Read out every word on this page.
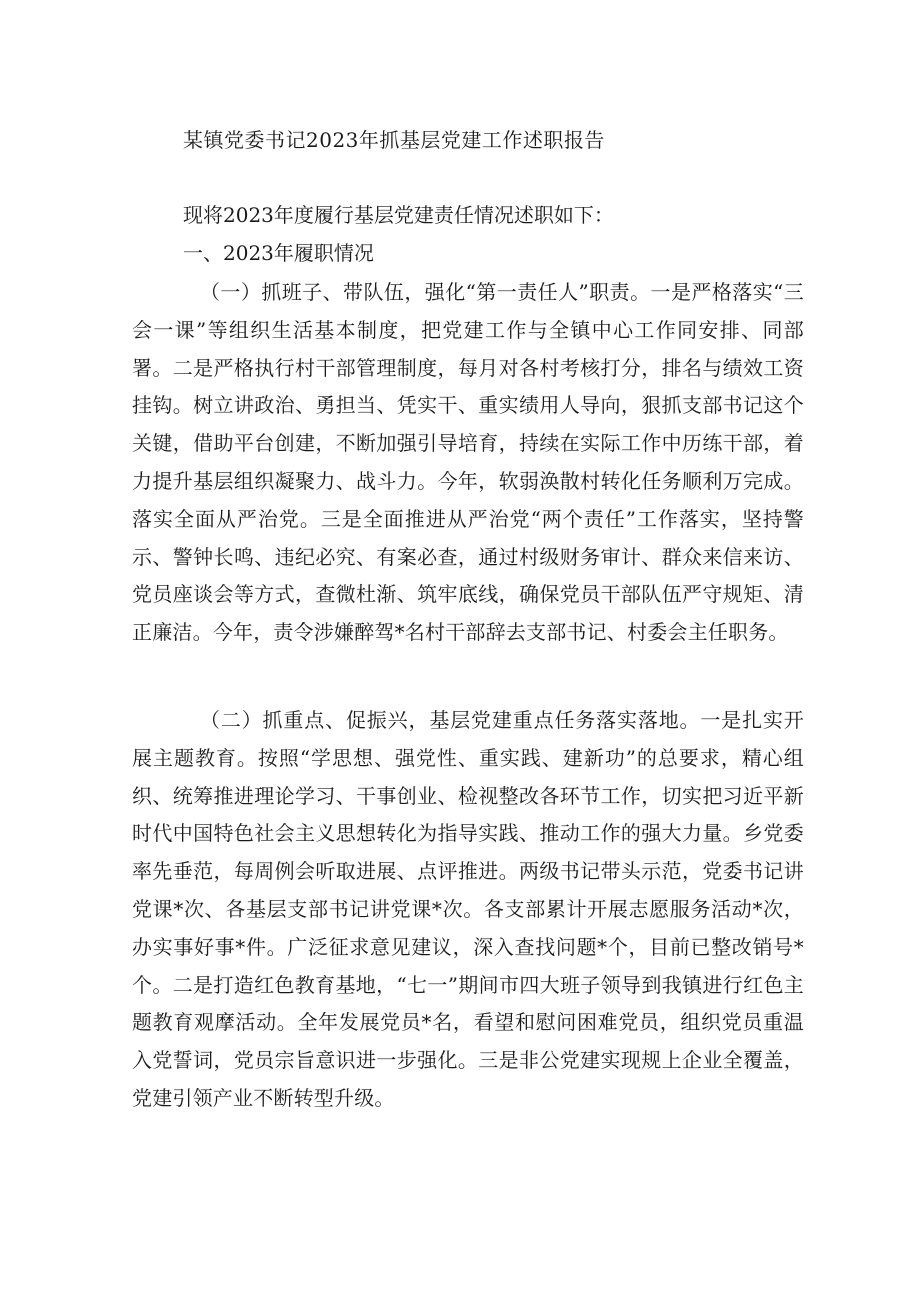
某镇党委书记2023年抓基层党建工作述职报告
现将2023年度履行基层党建责任情况述职如下：
一、2023年履职情况

（一）抓班子、带队伍，强化“第一责任人”职责。一是严格落实“三会一课”等组织生活基本制度，把党建工作与全镇中心工作同安排、同部署。二是严格执行村干部管理制度，每月对各村考核打分，排名与绩效工资挂钩。树立讲政治、勇担当、凭实干、重实绩用人导向，狠抓支部书记这个关键，借助平台创建，不断加强引导培育，持续在实际工作中历练干部，着力提升基层组织凝聚力、战斗力。今年，软弱涣散村转化任务顺利万完成。落实全面从严治党。三是全面推进从严治党“两个责任”工作落实，坚持警示、警钟长鸣、违纪必究、有案必查，通过村级财务审计、群众来信来访、党员座谈会等方式，查微杜渐、筑牢底线，确保党员干部队伍严守规矩、清正廉洁。今年，责令涉嫌醉驾*名村干部辞去支部书记、村委会主任职务。

（二）抓重点、促振兴，基层党建重点任务落实落地。一是扎实开展主题教育。按照“学思想、强党性、重实践、建新功”的总要求，精心组织、统筹推进理论学习、干事创业、检视整改各环节工作，切实把习近平新时代中国特色社会主义思想转化为指导实践、推动工作的强大力量。乡党委率先垂范，每周例会听取进展、点评推进。两级书记带头示范，党委书记讲党课*次、各基层支部书记讲党课*次。各支部累计开展志愿服务活动*次，办实事好事*件。广泛征求意见建议，深入查找问题*个，目前已整改销号*个。二是打造红色教育基地，“七一”期间市四大班子领导到我镇进行红色主题教育观摩活动。全年发展党员*名，看望和慰问困难党员，组织党员重温入党誓词，党员宗旨意识进一步强化。三是非公党建实现规上企业全覆盖，党建引领产业不断转型升级。
